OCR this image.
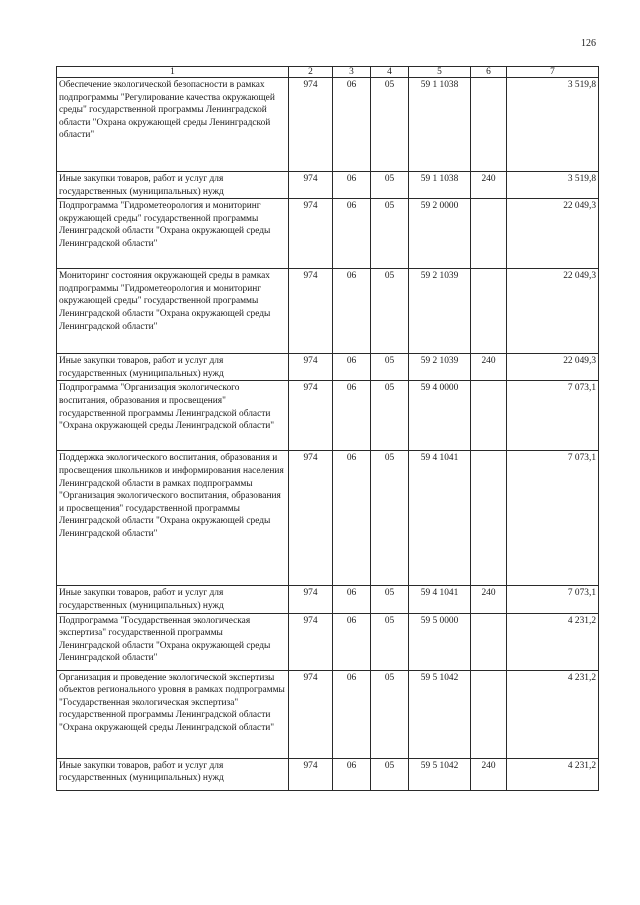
126
1	2	3	4	5	6	7
Обеспечение экологической безопасности в рамках подпрограммы "Регулирование качества окружающей среды" государственной программы Ленинградской области "Охрана окружающей среды Ленинградской области"	974	06	05	59 1 1038		3 519,8
Иные закупки товаров, работ и услуг для государственных (муниципальных) нужд	974	06	05	59 1 1038	240	3 519,8
Подпрограмма "Гидрометеорология и мониторинг окружающей среды" государственной программы Ленинградской области "Охрана окружающей среды Ленинградской области"	974	06	05	59 2 0000		22 049,3
Мониторинг состояния окружающей среды в рамках подпрограммы "Гидрометеорология и мониторинг окружающей среды" государственной программы Ленинградской области "Охрана окружающей среды Ленинградской области"	974	06	05	59 2 1039		22 049,3
Иные закупки товаров, работ и услуг для государственных (муниципальных) нужд	974	06	05	59 2 1039	240	22 049,3
Подпрограмма "Организация экологического воспитания, образования и просвещения" государственной программы Ленинградской области "Охрана окружающей среды Ленинградской области"	974	06	05	59 4 0000		7 073,1
Поддержка экологического воспитания, образования и просвещения школьников и информирования населения Ленинградской области в рамках подпрограммы "Организация экологического воспитания, образования и просвещения" государственной программы Ленинградской области "Охрана окружающей среды Ленинградской области"	974	06	05	59 4 1041		7 073,1
Иные закупки товаров, работ и услуг для государственных (муниципальных) нужд	974	06	05	59 4 1041	240	7 073,1
Подпрограмма "Государственная экологическая экспертиза" государственной программы Ленинградской области "Охрана окружающей среды Ленинградской области"	974	06	05	59 5 0000		4 231,2
Организация и проведение экологической экспертизы объектов регионального уровня в рамках подпрограммы "Государственная экологическая экспертиза" государственной программы Ленинградской области "Охрана окружающей среды Ленинградской области"	974	06	05	59 5 1042		4 231,2
Иные закупки товаров, работ и услуг для государственных (муниципальных) нужд	974	06	05	59 5 1042	240	4 231,2
